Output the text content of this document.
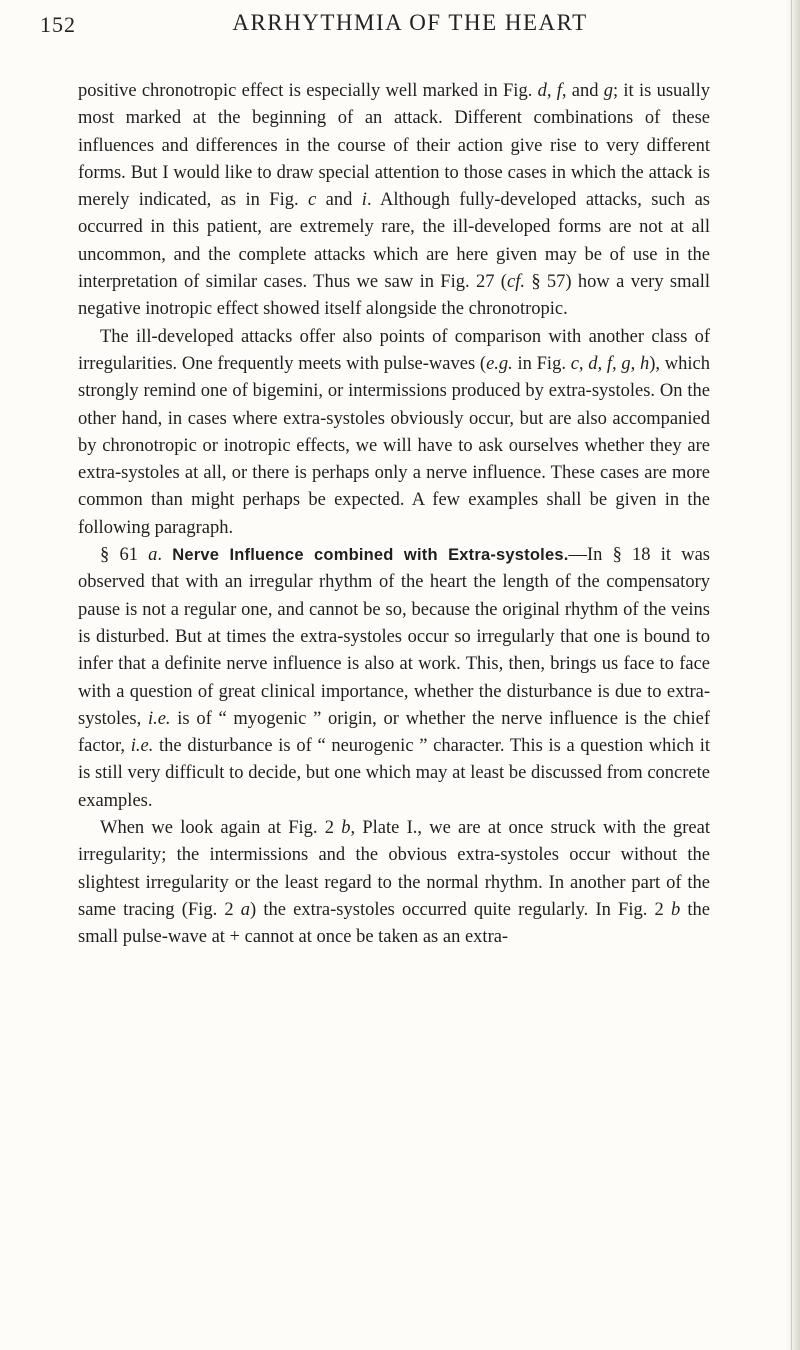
152	ARRHYTHMIA OF THE HEART

positive chronotropic effect is especially well marked in Fig. d, f, and g; it is usually most marked at the beginning of an attack. Different combinations of these influences and differences in the course of their action give rise to very different forms. But I would like to draw special attention to those cases in which the attack is merely indicated, as in Fig. c and i. Although fully-developed attacks, such as occurred in this patient, are extremely rare, the ill-developed forms are not at all uncommon, and the complete attacks which are here given may be of use in the interpretation of similar cases. Thus we saw in Fig. 27 (cf. § 57) how a very small negative inotropic effect showed itself alongside the chronotropic.

The ill-developed attacks offer also points of comparison with another class of irregularities. One frequently meets with pulse-waves (e.g. in Fig. c, d, f, g, h), which strongly remind one of bigemini, or intermissions produced by extra-systoles. On the other hand, in cases where extra-systoles obviously occur, but are also accompanied by chronotropic or inotropic effects, we will have to ask ourselves whether they are extra-systoles at all, or there is perhaps only a nerve influence. These cases are more common than might perhaps be expected. A few examples shall be given in the following paragraph.

§ 61 a. Nerve Influence combined with Extra-systoles.—In § 18 it was observed that with an irregular rhythm of the heart the length of the compensatory pause is not a regular one, and cannot be so, because the original rhythm of the veins is disturbed. But at times the extra-systoles occur so irregularly that one is bound to infer that a definite nerve influence is also at work. This, then, brings us face to face with a question of great clinical importance, whether the disturbance is due to extra-systoles, i.e. is of “ myogenic ” origin, or whether the nerve influence is the chief factor, i.e. the disturbance is of “ neurogenic ” character. This is a question which it is still very difficult to decide, but one which may at least be discussed from concrete examples.

When we look again at Fig. 2 b, Plate I., we are at once struck with the great irregularity; the intermissions and the obvious extra-systoles occur without the slightest irregularity or the least regard to the normal rhythm. In another part of the same tracing (Fig. 2 a) the extra-systoles occurred quite regularly. In Fig. 2 b the small pulse-wave at + cannot at once be taken as an extra-
